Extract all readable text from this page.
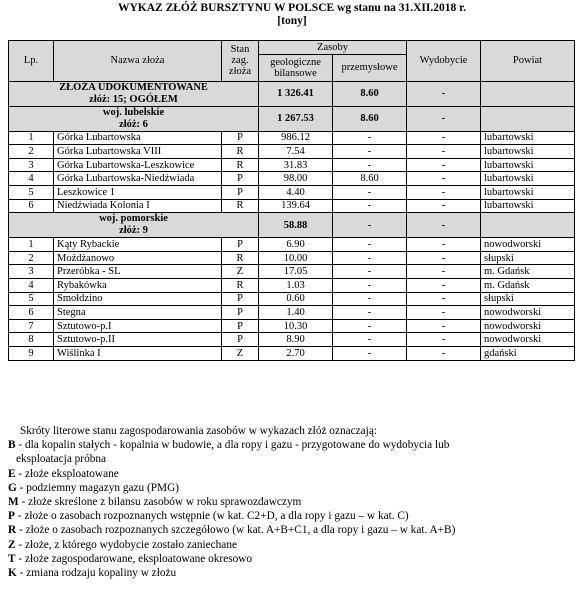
WYKAZ ZŁÓŻ BURSZTYNU W POLSCE wg stanu na 31.XII.2018 r.
[tony]
Lp.	Nazwa złoża	Stan
zag.
złoża	Zasoby		Wydobycie	Powiat
			geologiczne
bilansowe	przemysłowe		
ZŁOŻA UDOKUMENTOWANE
złóż: 15; OGÓŁEM			1 326.41	8.60	-	
woj. lubelskie
złóż: 6			1 267.53	8.60	-	
1	Górka Lubartowska	P	986.12	-	-	lubartowski
2	Górka Lubartowska VIII	R	7.54	-	-	lubartowski
3	Górka Lubartowska-Leszkowice	R	31.83	-	-	lubartowski
4	Górka Lubartowska-Niedźwiada	P	98.00	8.60	-	lubartowski
5	Leszkowice 1	P	4.40	-	-	lubartowski
6	Niedźwiada Kolonia I	R	139.64	-	-	lubartowski
woj. pomorskie
złóż: 9			58.88	-	-	
1	Kąty Rybackie	P	6.90	-	-	nowodworski
2	Możdżanowo	R	10.00	-	-	słupski
3	Przeróbka - SL	Z	17.05	-	-	m. Gdańsk
4	Rybakówka	R	1.03	-	-	m. Gdańsk
5	Smołdzino	P	0.60	-	-	słupski
6	Stegna	P	1.40	-	-	nowodworski
7	Sztutowo-p.I	P	10.30	-	-	nowodworski
8	Sztutowo-p.II	P	8.90	-	-	nowodworski
9	Wiślinka I	Z	2.70	-	-	gdański
Skróty literowe stanu zagospodarowania zasobów w wykazach złóż oznaczają:
B - dla kopalin stałych - kopalnia w budowie, a dla ropy i gazu - przygotowane do wydobycia lub
eksploatacja próbna
E - złoże eksploatowane
G - podziemny magazyn gazu (PMG)
M - złoże skreślone z bilansu zasobów w roku sprawozdawczym
P - złoże o zasobach rozpoznanych wstępnie (w kat. C2+D, a dla ropy i gazu – w kat. C)
R - złoże o zasobach rozpoznanych szczegółowo (w kat. A+B+C1, a dla ropy i gazu – w kat. A+B)
Z - złoże, z którego wydobycie zostało zaniechane
T - złoże zagospodarowane, eksploatowane okresowo
K - zmiana rodzaju kopaliny w złożu
